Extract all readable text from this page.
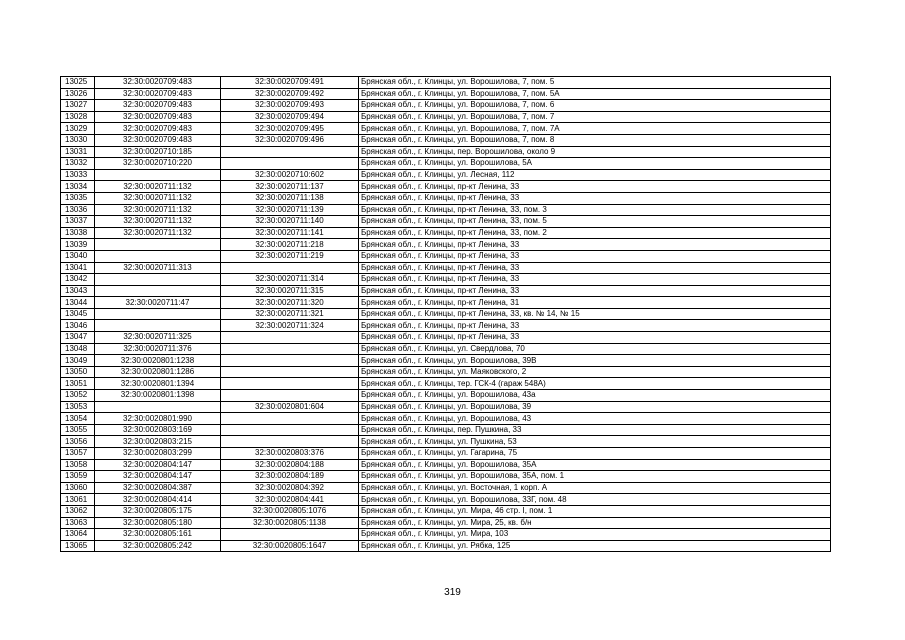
13025	32:30:0020709:483	32:30:0020709:491	Брянская обл., г. Клинцы, ул. Ворошилова, 7, пом. 5
13026	32:30:0020709:483	32:30:0020709:492	Брянская обл., г. Клинцы, ул. Ворошилова, 7, пом. 5А
13027	32:30:0020709:483	32:30:0020709:493	Брянская обл., г. Клинцы, ул. Ворошилова, 7, пом. 6
13028	32:30:0020709:483	32:30:0020709:494	Брянская обл., г. Клинцы, ул. Ворошилова, 7, пом. 7
13029	32:30:0020709:483	32:30:0020709:495	Брянская обл., г. Клинцы, ул. Ворошилова, 7, пом. 7А
13030	32:30:0020709:483	32:30:0020709:496	Брянская обл., г. Клинцы, ул. Ворошилова, 7, пом. 8
13031	32:30:0020710:185		Брянская обл., г. Клинцы, пер. Ворошилова, около 9
13032	32:30:0020710:220		Брянская обл., г. Клинцы, ул. Ворошилова, 5А
13033		32:30:0020710:602	Брянская обл., г. Клинцы, ул. Лесная, 112
13034	32:30:0020711:132	32:30:0020711:137	Брянская обл., г. Клинцы, пр-кт Ленина, 33
13035	32:30:0020711:132	32:30:0020711:138	Брянская обл., г. Клинцы, пр-кт Ленина, 33
13036	32:30:0020711:132	32:30:0020711:139	Брянская обл., г. Клинцы, пр-кт Ленина, 33, пом. 3
13037	32:30:0020711:132	32:30:0020711:140	Брянская обл., г. Клинцы, пр-кт Ленина, 33, пом. 5
13038	32:30:0020711:132	32:30:0020711:141	Брянская обл., г. Клинцы, пр-кт Ленина, 33, пом. 2
13039		32:30:0020711:218	Брянская обл., г. Клинцы, пр-кт Ленина, 33
13040		32:30:0020711:219	Брянская обл., г. Клинцы, пр-кт Ленина, 33
13041	32:30:0020711:313		Брянская обл., г. Клинцы, пр-кт Ленина, 33
13042		32:30:0020711:314	Брянская обл., г. Клинцы, пр-кт Ленина, 33
13043		32:30:0020711:315	Брянская обл., г. Клинцы, пр-кт Ленина, 33
13044	32:30:0020711:47	32:30:0020711:320	Брянская обл., г. Клинцы, пр-кт Ленина, 31
13045		32:30:0020711:321	Брянская обл., г. Клинцы, пр-кт Ленина, 33, кв. № 14, № 15
13046		32:30:0020711:324	Брянская обл., г. Клинцы, пр-кт Ленина, 33
13047	32:30:0020711:325		Брянская обл., г. Клинцы, пр-кт Ленина, 33
13048	32:30:0020711:376		Брянская обл., г. Клинцы, ул. Свердлова, 70
13049	32:30:0020801:1238		Брянская обл., г. Клинцы, ул. Ворошилова, 39В
13050	32:30:0020801:1286		Брянская обл., г. Клинцы, ул. Маяковского, 2
13051	32:30:0020801:1394		Брянская обл., г. Клинцы, тер. ГСК-4 (гараж 548А)
13052	32:30:0020801:1398		Брянская обл., г. Клинцы, ул. Ворошилова, 43а
13053		32:30:0020801:604	Брянская обл., г. Клинцы, ул. Ворошилова, 39
13054	32:30:0020801:990		Брянская обл., г. Клинцы, ул. Ворошилова, 43
13055	32:30:0020803:169		Брянская обл., г. Клинцы, пер. Пушкина, 33
13056	32:30:0020803:215		Брянская обл., г. Клинцы, ул. Пушкина, 53
13057	32:30:0020803:299	32:30:0020803:376	Брянская обл., г. Клинцы, ул. Гагарина, 75
13058	32:30:0020804:147	32:30:0020804:188	Брянская обл., г. Клинцы, ул. Ворошилова, 35А
13059	32:30:0020804:147	32:30:0020804:189	Брянская обл., г. Клинцы, ул. Ворошилова, 35А, пом. 1
13060	32:30:0020804:387	32:30:0020804:392	Брянская обл., г. Клинцы, ул. Восточная, 1 корп. А
13061	32:30:0020804:414	32:30:0020804:441	Брянская обл., г. Клинцы, ул. Ворошилова, 33Г, пом. 48
13062	32:30:0020805:175	32:30:0020805:1076	Брянская обл., г. Клинцы, ул. Мира, 46 стр. I, пом. 1
13063	32:30:0020805:180	32:30:0020805:1138	Брянская обл., г. Клинцы, ул. Мира, 25, кв. б/н
13064	32:30:0020805:161		Брянская обл., г. Клинцы, ул. Мира, 103
13065	32:30:0020805:242	32:30:0020805:1647	Брянская обл., г. Клинцы, ул. Рябка, 125
319
